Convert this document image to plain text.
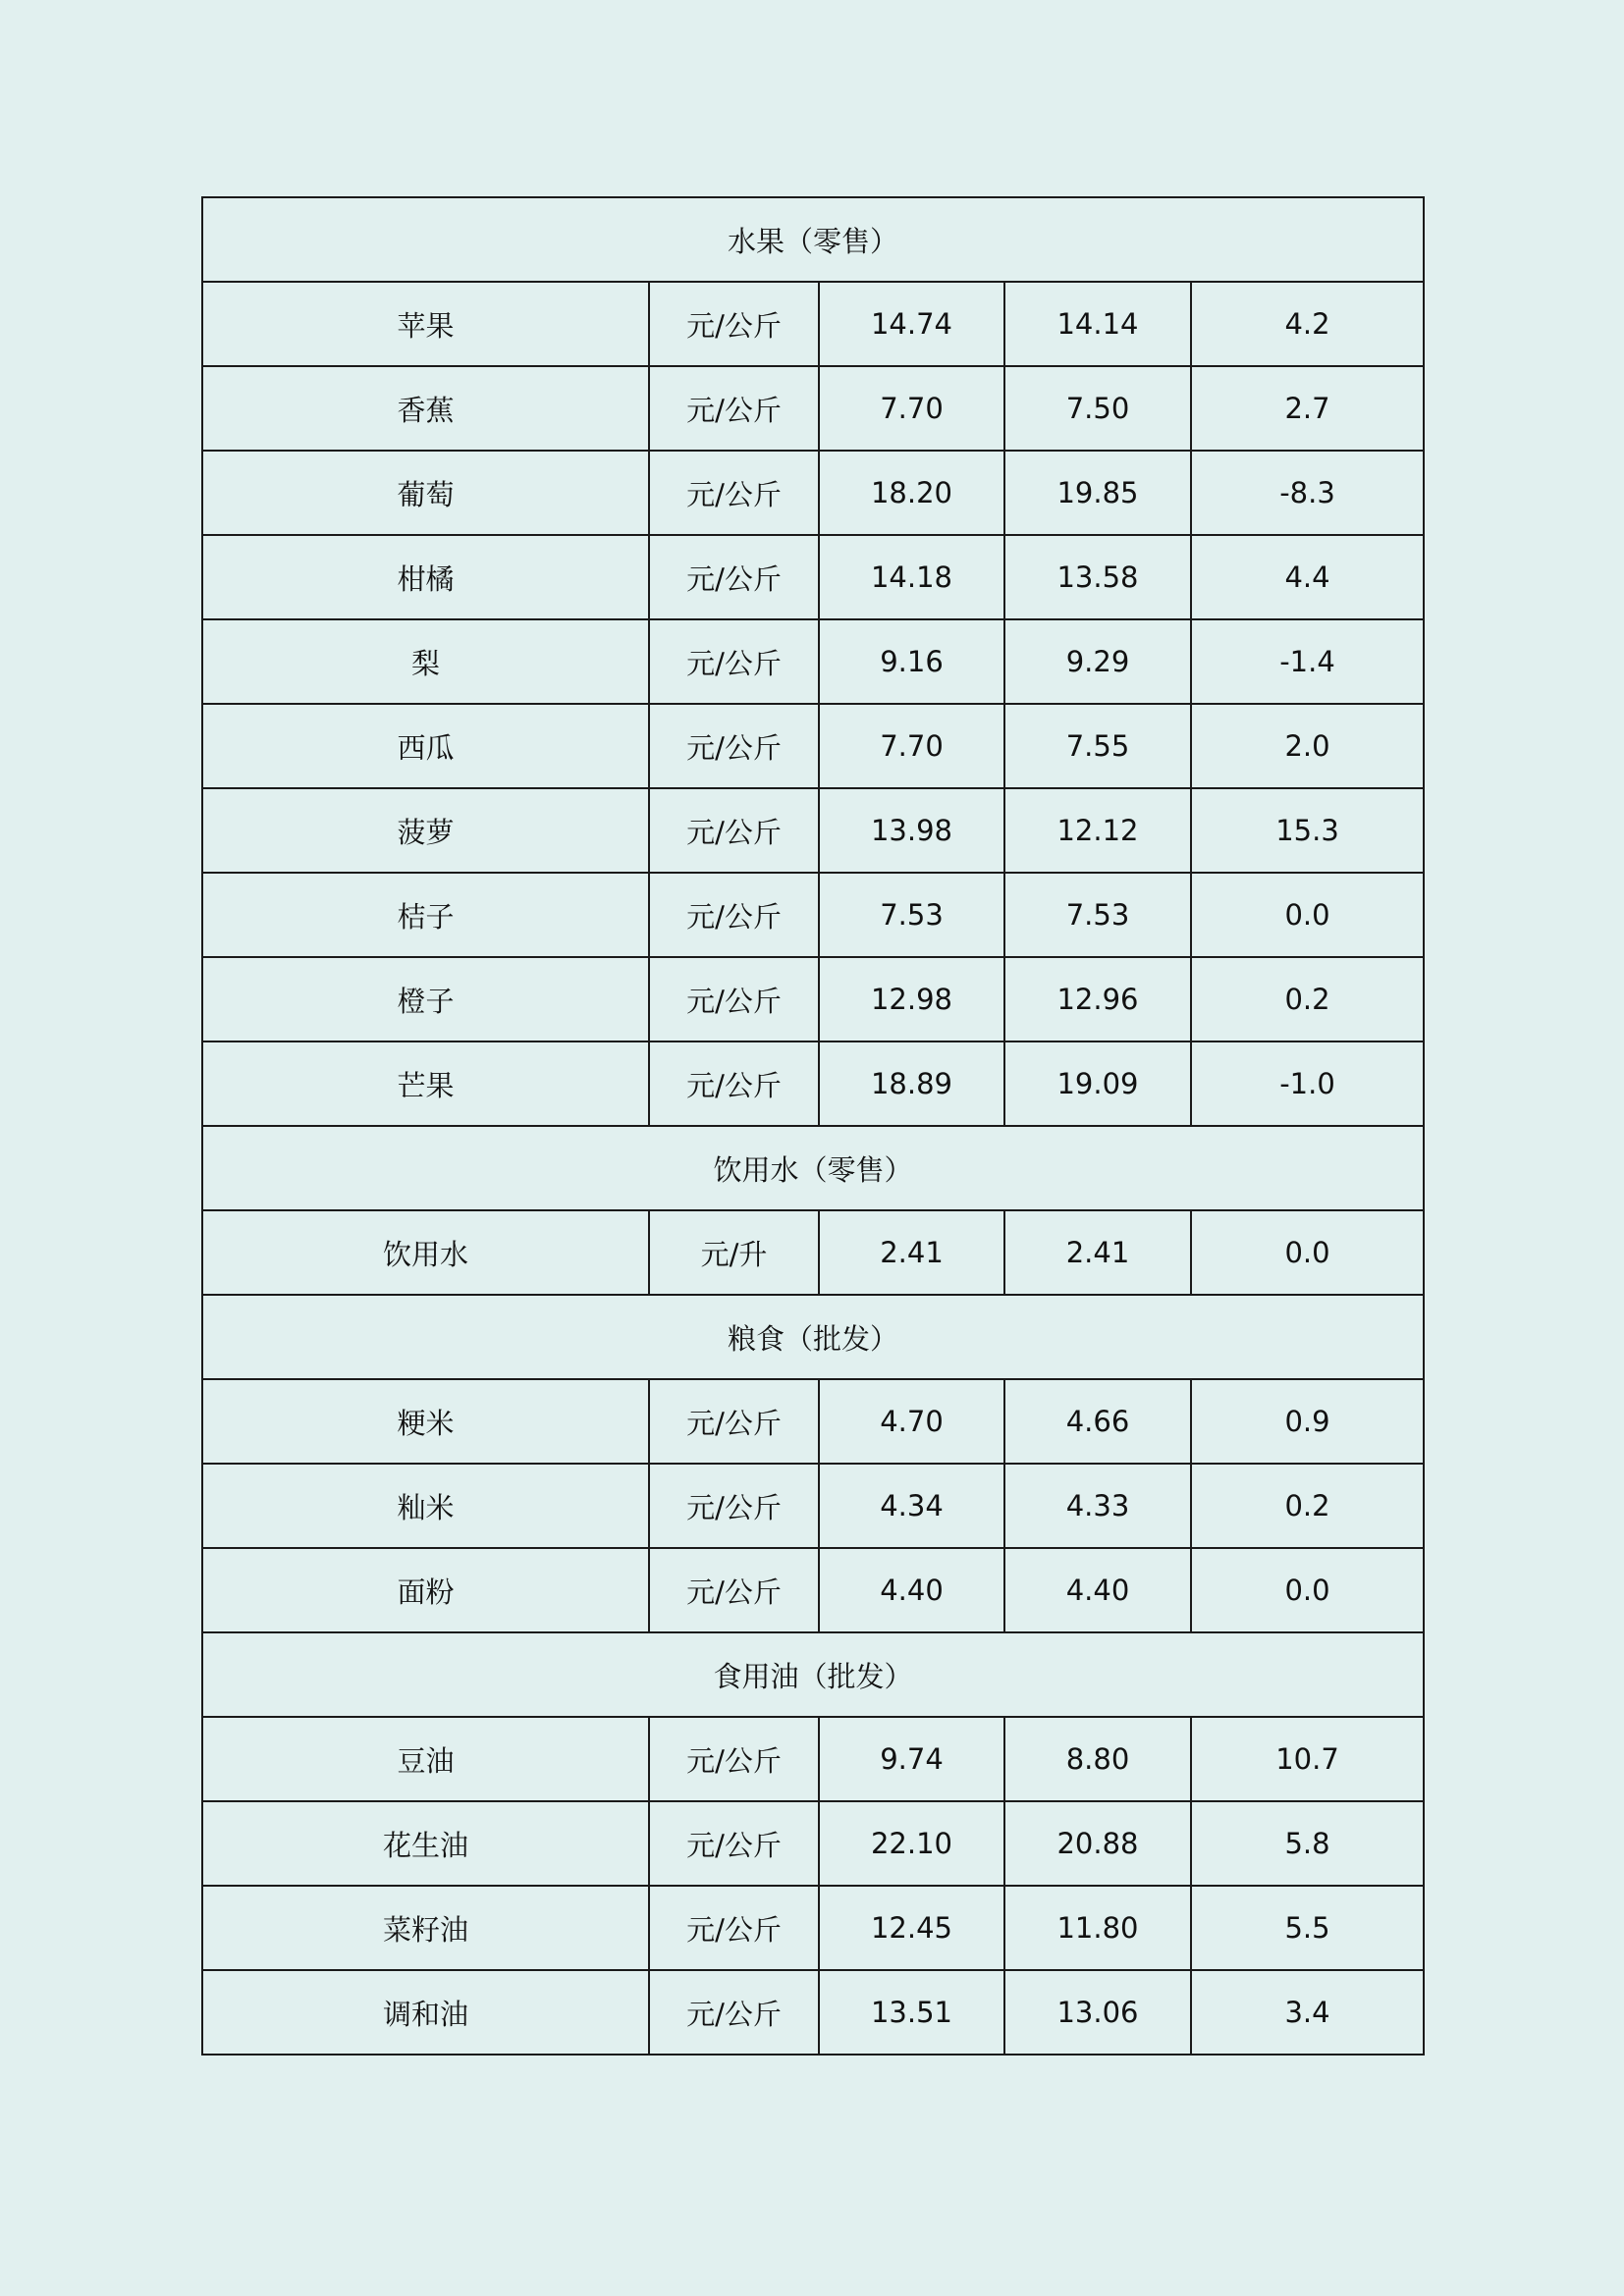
水果（零售）				
苹果	元/公斤	14.74	14.14	4.2
香蕉	元/公斤	7.70	7.50	2.7
葡萄	元/公斤	18.20	19.85	-8.3
柑橘	元/公斤	14.18	13.58	4.4
梨	元/公斤	9.16	9.29	-1.4
西瓜	元/公斤	7.70	7.55	2.0
菠萝	元/公斤	13.98	12.12	15.3
桔子	元/公斤	7.53	7.53	0.0
橙子	元/公斤	12.98	12.96	0.2
芒果	元/公斤	18.89	19.09	-1.0
饮用水（零售）				
饮用水	元/升	2.41	2.41	0.0
粮食（批发）				
粳米	元/公斤	4.70	4.66	0.9
籼米	元/公斤	4.34	4.33	0.2
面粉	元/公斤	4.40	4.40	0.0
食用油（批发）				
豆油	元/公斤	9.74	8.80	10.7
花生油	元/公斤	22.10	20.88	5.8
菜籽油	元/公斤	12.45	11.80	5.5
调和油	元/公斤	13.51	13.06	3.4
